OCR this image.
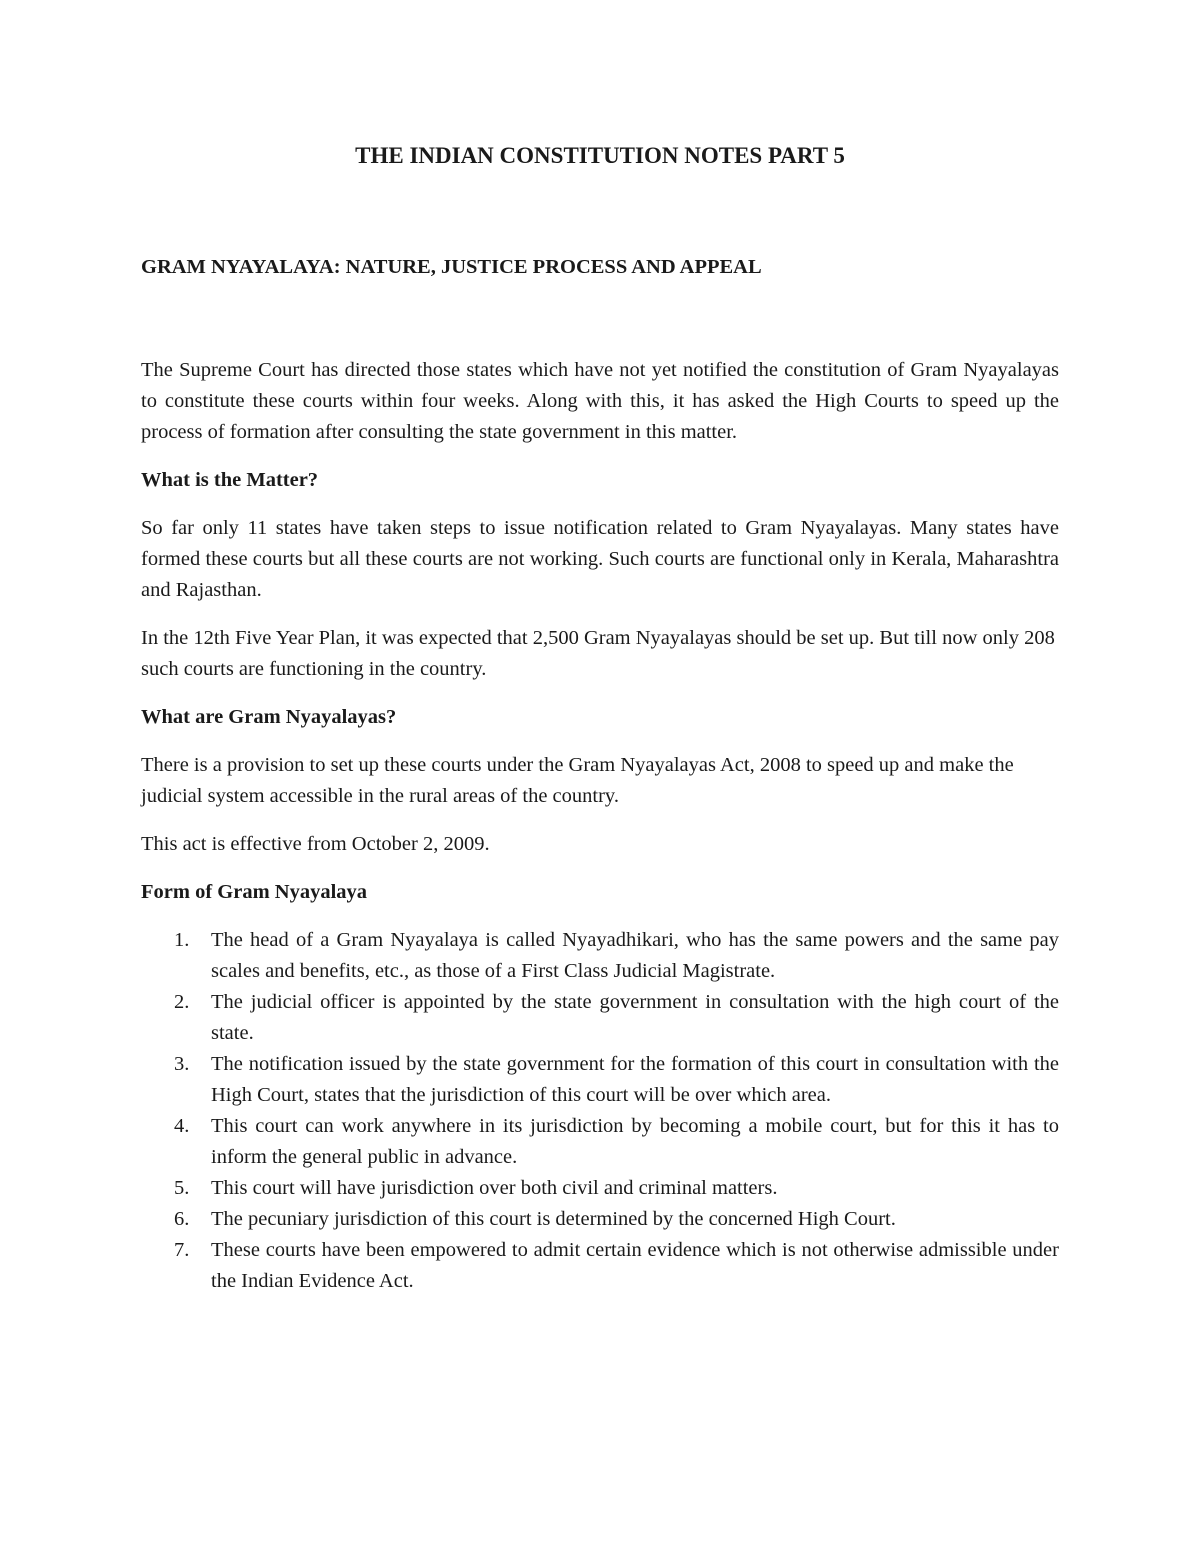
THE INDIAN CONSTITUTION NOTES PART 5
GRAM NYAYALAYA: NATURE, JUSTICE PROCESS AND APPEAL

The Supreme Court has directed those states which have not yet notified the constitution of Gram Nyayalayas to constitute these courts within four weeks. Along with this, it has asked the High Courts to speed up the process of formation after consulting the state government in this matter.

What is the Matter?

So far only 11 states have taken steps to issue notification related to Gram Nyayalayas. Many states have formed these courts but all these courts are not working. Such courts are functional only in Kerala, Maharashtra and Rajasthan.

In the 12th Five Year Plan, it was expected that 2,500 Gram Nyayalayas should be set up. But till now only 208 such courts are functioning in the country.

What are Gram Nyayalayas?

There is a provision to set up these courts under the Gram Nyayalayas Act, 2008 to speed up and make the judicial system accessible in the rural areas of the country.

This act is effective from October 2, 2009.

Form of Gram Nyayalaya
1. The head of a Gram Nyayalaya is called Nyayadhikari, who has the same powers and the same pay scales and benefits, etc., as those of a First Class Judicial Magistrate.
2. The judicial officer is appointed by the state government in consultation with the high court of the state.
3. The notification issued by the state government for the formation of this court in consultation with the High Court, states that the jurisdiction of this court will be over which area.
4. This court can work anywhere in its jurisdiction by becoming a mobile court, but for this it has to inform the general public in advance.
5. This court will have jurisdiction over both civil and criminal matters.
6. The pecuniary jurisdiction of this court is determined by the concerned High Court.
7. These courts have been empowered to admit certain evidence which is not otherwise admissible under the Indian Evidence Act.
